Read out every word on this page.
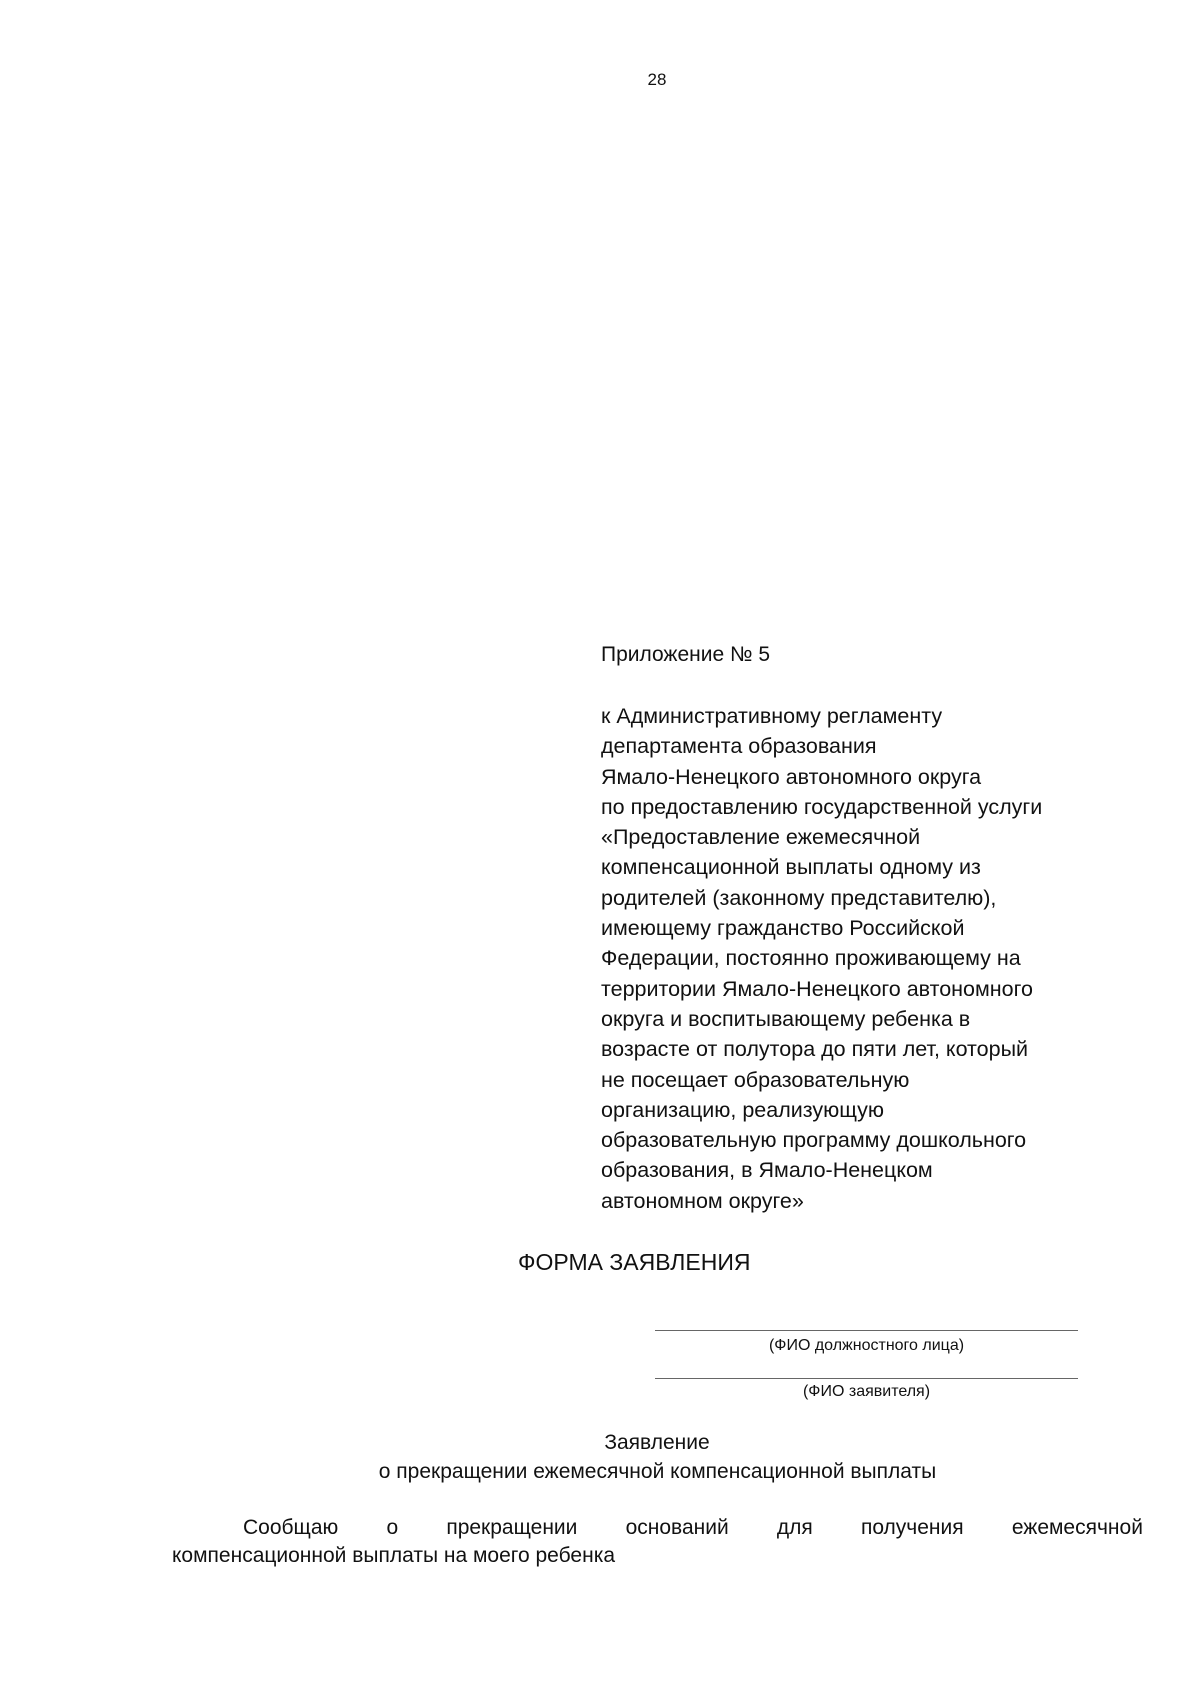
28
Приложение № 5
к Административному регламенту
департамента образования
Ямало-Ненецкого автономного округа
по предоставлению государственной услуги
«Предоставление ежемесячной
компенсационной выплаты одному из
родителей (законному представителю),
имеющему гражданство Российской
Федерации, постоянно проживающему на
территории Ямало-Ненецкого автономного
округа и воспитывающему ребенка в
возрасте от полутора до пяти лет, который
не посещает образовательную
организацию, реализующую
образовательную программу дошкольного
образования, в Ямало-Ненецком
автономном округе»
ФОРМА ЗАЯВЛЕНИЯ
(ФИО должностного лица)
(ФИО заявителя)
Заявление
о прекращении ежемесячной компенсационной выплаты
Сообщаю о прекращении оснований для получения ежемесячной
компенсационной выплаты на моего ребенка
